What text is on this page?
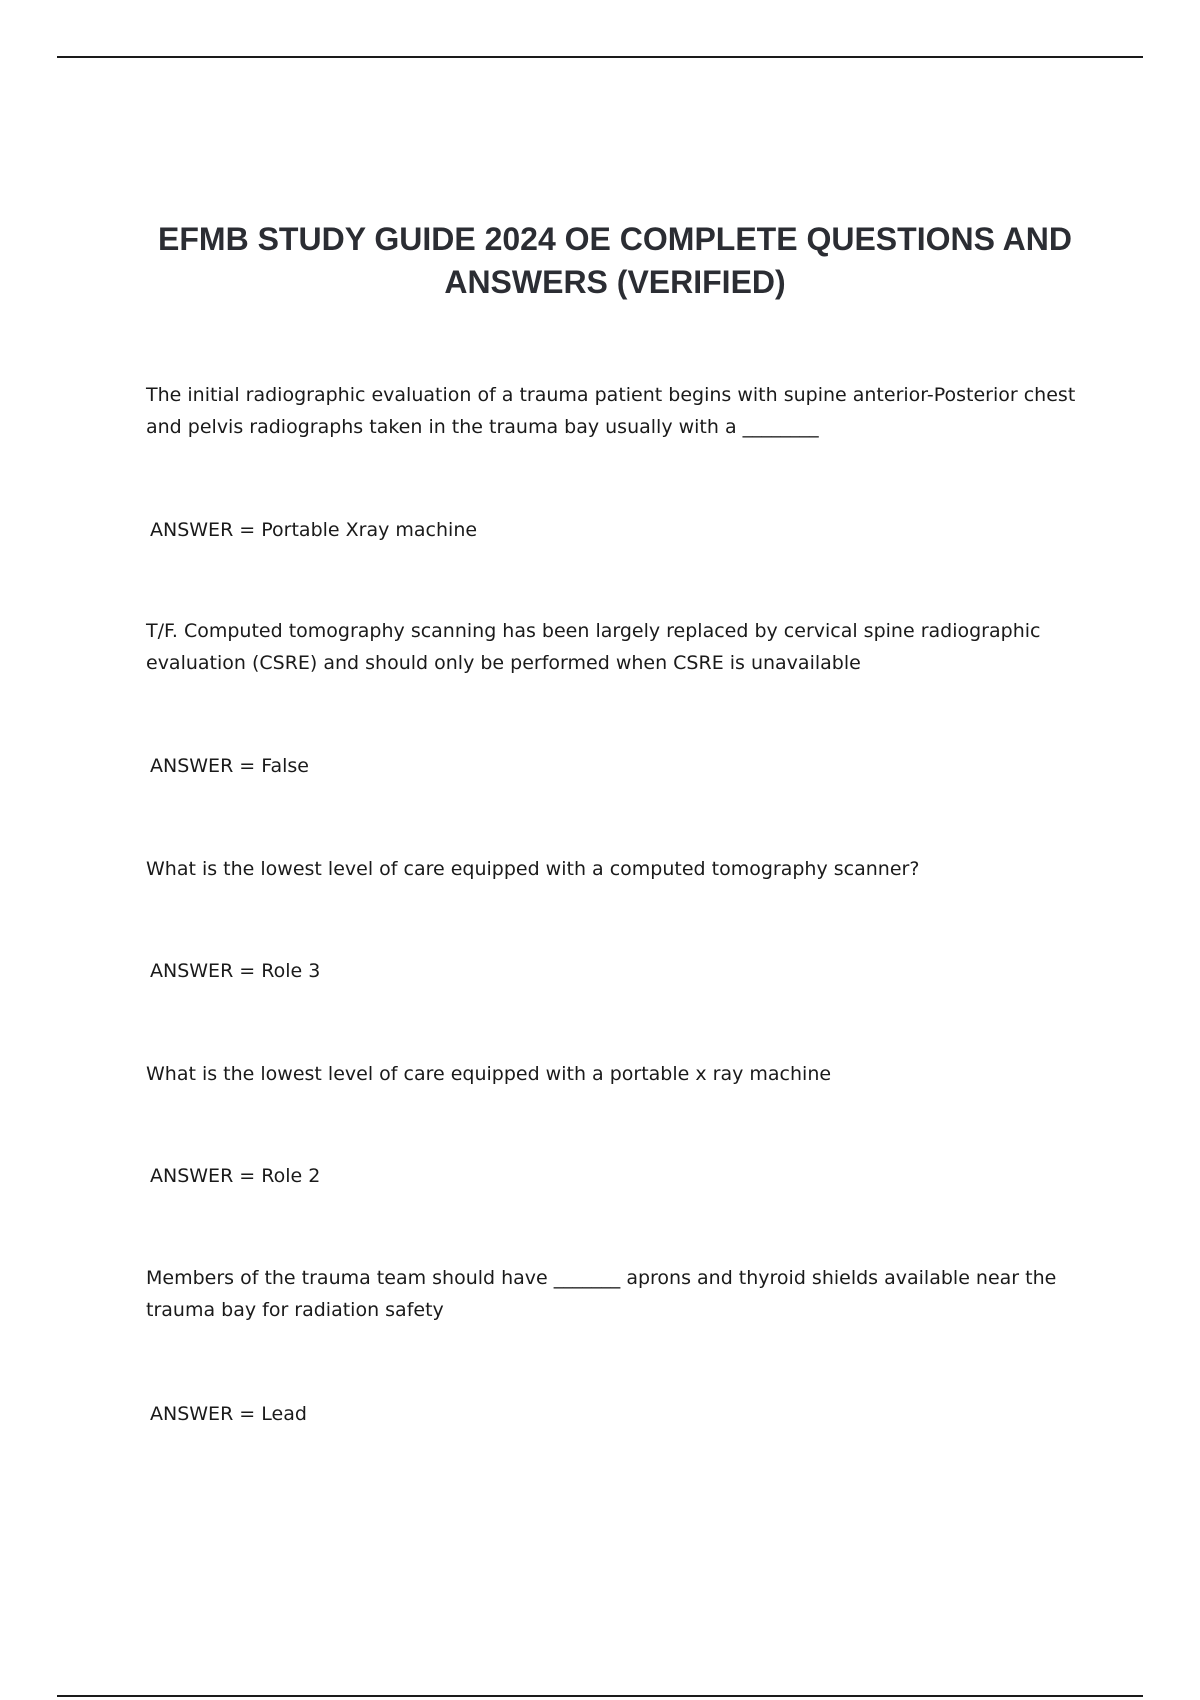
EFMB STUDY GUIDE 2024 OE COMPLETE QUESTIONS AND ANSWERS (VERIFIED)
The initial radiographic evaluation of a trauma patient begins with supine anterior-Posterior chest and pelvis radiographs taken in the trauma bay usually with a ________
ANSWER = Portable Xray machine
T/F. Computed tomography scanning has been largely replaced by cervical spine radiographic evaluation (CSRE) and should only be performed when CSRE is unavailable
ANSWER = False
What is the lowest level of care equipped with a computed tomography scanner?
ANSWER = Role 3
What is the lowest level of care equipped with a portable x ray machine
ANSWER = Role 2
Members of the trauma team should have _______ aprons and thyroid shields available near the trauma bay for radiation safety
ANSWER = Lead
